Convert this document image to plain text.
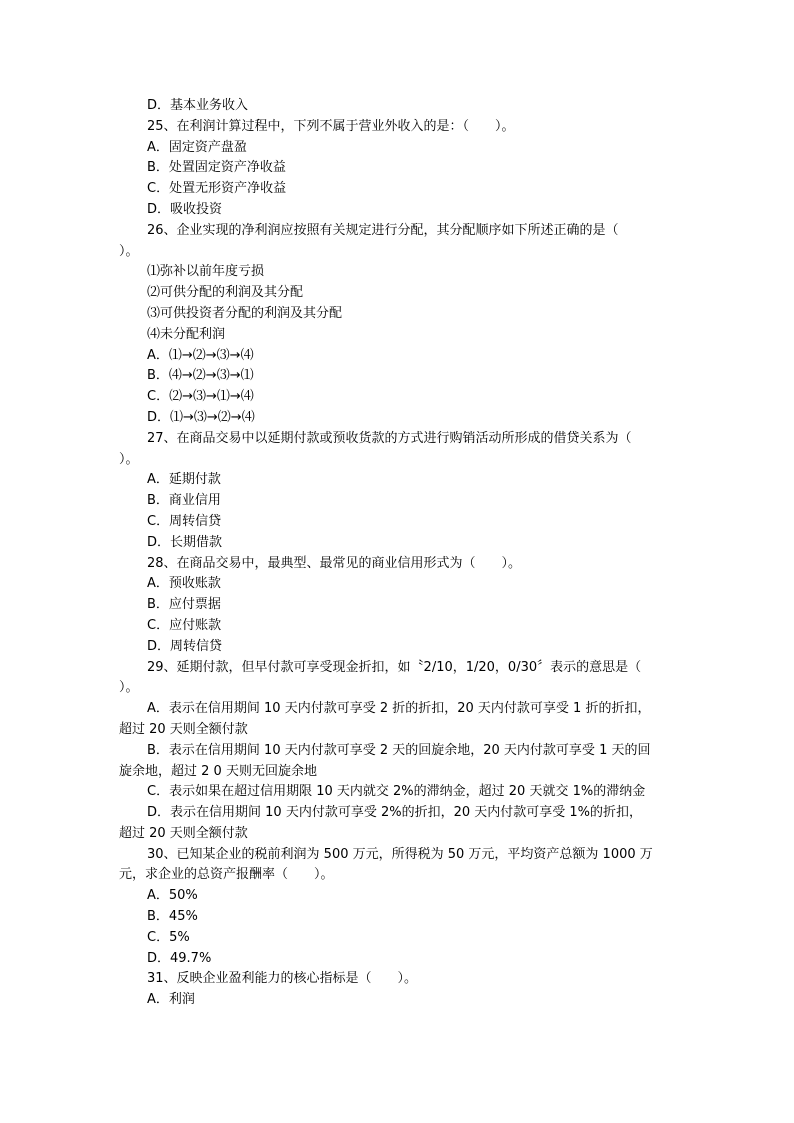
D．基本业务收入
25、在利润计算过程中，下列不属于营业外收入的是：（　　）。
A．固定资产盘盈
B．处置固定资产净收益
C．处置无形资产净收益
D．吸收投资
26、企业实现的净利润应按照有关规定进行分配，其分配顺序如下所述正确的是（
）。
⑴弥补以前年度亏损
⑵可供分配的利润及其分配
⑶可供投资者分配的利润及其分配
⑷未分配利润
A．⑴→⑵→⑶→⑷
B．⑷→⑵→⑶→⑴
C．⑵→⑶→⑴→⑷
D．⑴→⑶→⑵→⑷
27、在商品交易中以延期付款或预收货款的方式进行购销活动所形成的借贷关系为（
）。
A．延期付款
B．商业信用
C．周转信贷
D．长期借款
28、在商品交易中，最典型、最常见的商业信用形式为（　　）。
A．预收账款
B．应付票据
C．应付账款
D．周转信贷
29、延期付款，但早付款可享受现金折扣，如〝2/10，1/20，0/30〞表示的意思是（
）。
A．表示在信用期间 10 天内付款可享受 2 折的折扣，20 天内付款可享受 1 折的折扣，
超过 20 天则全额付款
B．表示在信用期间 10 天内付款可享受 2 天的回旋余地，20 天内付款可享受 1 天的回
旋余地，超过 2 0 天则无回旋余地
C．表示如果在超过信用期限 10 天内就交 2%的滞纳金，超过 20 天就交 1%的滞纳金
D．表示在信用期间 10 天内付款可享受 2%的折扣，20 天内付款可享受 1%的折扣，
超过 20 天则全额付款
30、已知某企业的税前利润为 500 万元，所得税为 50 万元，平均资产总额为 1000 万
元，求企业的总资产报酬率（　　）。
A．50%
B．45%
C．5%
D．49.7%
31、反映企业盈利能力的核心指标是（　　）。
A．利润
